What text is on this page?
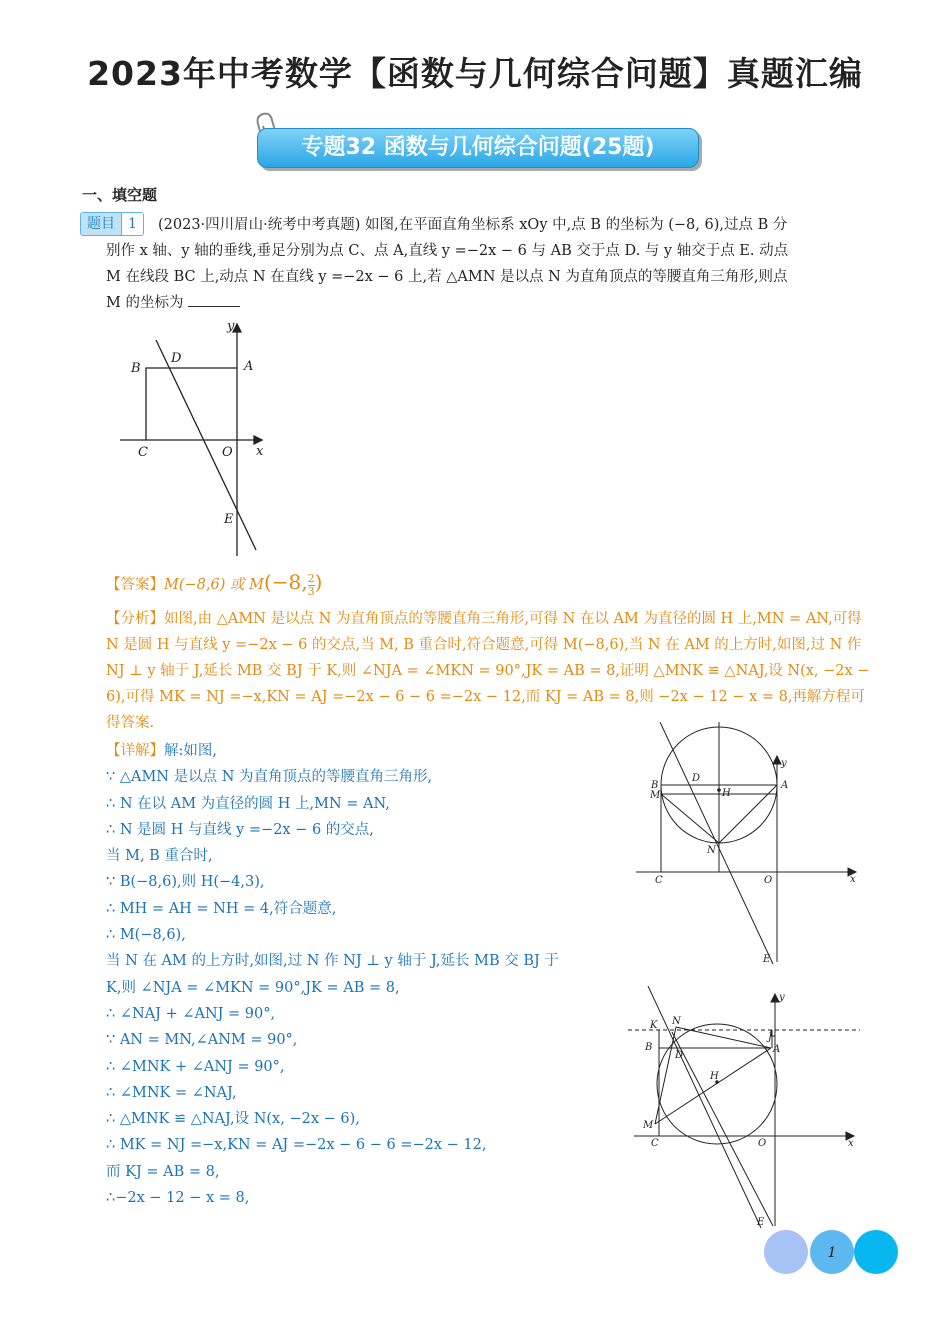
2023年中考数学【函数与几何综合问题】真题汇编
专题32 函数与几何综合问题(25题)
一、填空题
题目 1	(2023·四川眉山·统考中考真题) 如图,在平面直角坐标系 xOy 中,点 B 的坐标为 (−8, 6),过点 B 分
别作 x 轴、y 轴的垂线,垂足分别为点 C、点 A,直线 y =−2x − 6 与 AB 交于点 D. 与 y 轴交于点 E. 动点
M 在线段 BC 上,动点 N 在直线 y =−2x − 6 上,若 △AMN 是以点 N 为直角顶点的等腰直角三角形,则点
M 的坐标为
y
x
B
D
A
C	O
E
【答案】M(−8,6) 或 M(−8, $\frac{2}{3}$ )
【分析】如图,由 △AMN 是以点 N 为直角顶点的等腰直角三角形,可得 N 在以 AM 为直径的圆 H 上,MN = AN,可得 N 是圆 H 与直线 y =−2x − 6 的交点,当 M, B 重合时,符合题意,可得 M(−8,6),当 N 在 AM 的上方时,如图,过 N 作 NJ ⊥ y 轴于 J,延长 MB 交 BJ 于 K,则 ∠NJA = ∠MKN = 90°,JK = AB = 8,证明 △MNK ≌ △NAJ,设 N(x, −2x − 6),可得 MK = NJ =−x,KN = AJ =−2x − 6 − 6 =−2x − 12,而 KJ = AB = 8,则 −2x − 12 − x = 8,再解方程可得答案.
【详解】解:如图,
∵ △AMN 是以点 N 为直角顶点的等腰直角三角形,
∴ N 在以 AM 为直径的圆 H 上,MN = AN,
∴ N 是圆 H 与直线 y =−2x − 6 的交点,
当 M, B 重合时,
∵ B(−8,6),则 H(−4,3),
∴ MH = AH = NH = 4,符合题意,
∴ M(−8,6),
当 N 在 AM 的上方时,如图,过 N 作 NJ ⊥ y 轴于 J,延长 MB 交 BJ 于
K,则 ∠NJA = ∠MKN = 90°,JK = AB = 8,
∴ ∠NAJ + ∠ANJ = 90°,
∵ AN = MN,∠ANM = 90°,
∴ ∠MNK + ∠ANJ = 90°,
∴ ∠MNK = ∠NAJ,
∴ △MNK ≌ △NAJ,设 N(x, −2x − 6),
∴ MK = NJ =−x,KN = AJ =−2x − 6 − 6 =−2x − 12,
而 KJ = AB = 8,
∴−2x − 12 − x = 8,
y
x
B
D
A
M	H
N
C	O
E
y
x
K N
J
B
D
A
H
M
C	O
E
1
